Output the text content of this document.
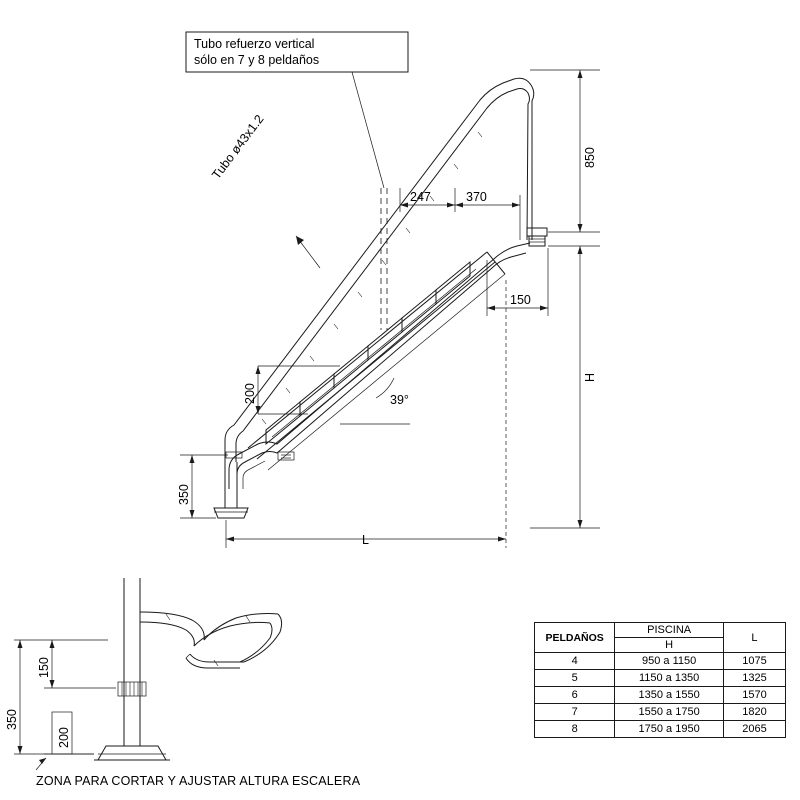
850
H
247	370
150
200	39°
350
L
Tubo ø43x1.2
Tubo refuerzo vertical
sólo en 7 y 8 peldaños
350
150
200
ZONA PARA CORTAR Y AJUSTAR ALTURA ESCALERA
PELDAÑOS	PISCINA	L
	H	
4	950 a 1150	1075
5	1150 a 1350	1325
6	1350 a 1550	1570
7	1550 a 1750	1820
8	1750 a 1950	2065
